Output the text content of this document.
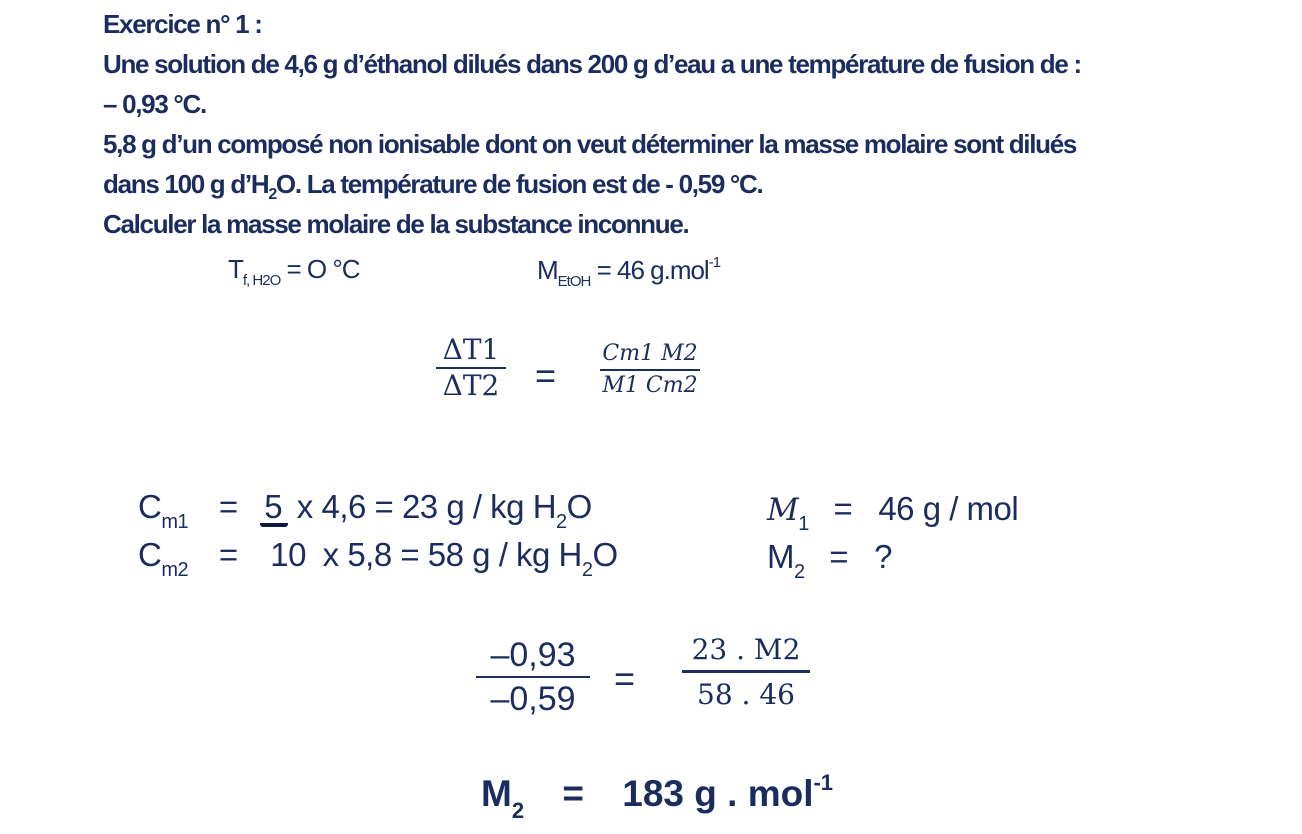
Exercice n° 1 :
Une solution de 4,6 g d’éthanol dilués dans 200 g d’eau a une température de fusion de :
– 0,93 °C.
5,8 g d’un composé non ionisable dont on veut déterminer la masse molaire sont dilués
dans 100 g $d’H_2O$. La température de fusion est de - 0,59 °C.
Calculer la masse molaire de la substance inconnue.
$T_{f, H2O} = O$ °C	$M_{EtOH} = 46$ g.mol$^{-1}$
ΔT1
ΔT2 =
Cm1 M2
M1 Cm2
$C_{m1} = 5$ x 4,6 = 23 g / kg $H_2O$
$C_{m2} = 10$ x 5,8 = 58 g / kg $H_2O$
$M_1 = 46$ g / mol
$M_2$ =   ?
–0,93
–0,59	=
23 . M2
58 . 46
$M_2 = 183$ g . mol$^{-1}$
